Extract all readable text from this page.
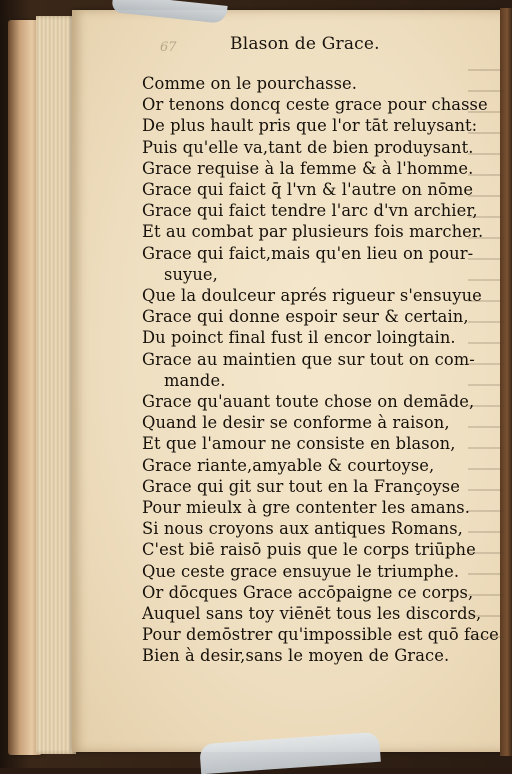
67	Blason de Grace.
Comme on le pourchasse.
Or tenons doncq ceste grace pour chasse
De plus hault pris que l'or tāt reluysant:
Puis qu'elle va,tant de bien produysant.
Grace requise à la femme & à l'homme.
Grace qui faict q̄ l'vn & l'autre on nōme
Grace qui faict tendre l'arc d'vn archier,
Et au combat par plusieurs fois marcher.
Grace qui faict,mais qu'en lieu on pour-
suyue,
Que la doulceur aprés rigueur s'ensuyue
Grace qui donne espoir seur & certain,
Du poinct final fust il encor loingtain.
Grace au maintien que sur tout on com-
mande.
Grace qu'auant toute chose on demāde,
Quand le desir se conforme à raison,
Et que l'amour ne consiste en blason,
Grace riante,amyable & courtoyse,
Grace qui git sur tout en la Françoyse
Pour mieulx à gre contenter les amans.
Si nous croyons aux antiques Romans,
C'est biē raisō puis que le corps triūphe
Que ceste grace ensuyue le triumphe.
Or dōcques Grace accōpaigne ce corps,
Auquel sans toy viēnēt tous les discords,
Pour demōstrer qu'impossible est quō face
Bien à desir,sans le moyen de Grace.
